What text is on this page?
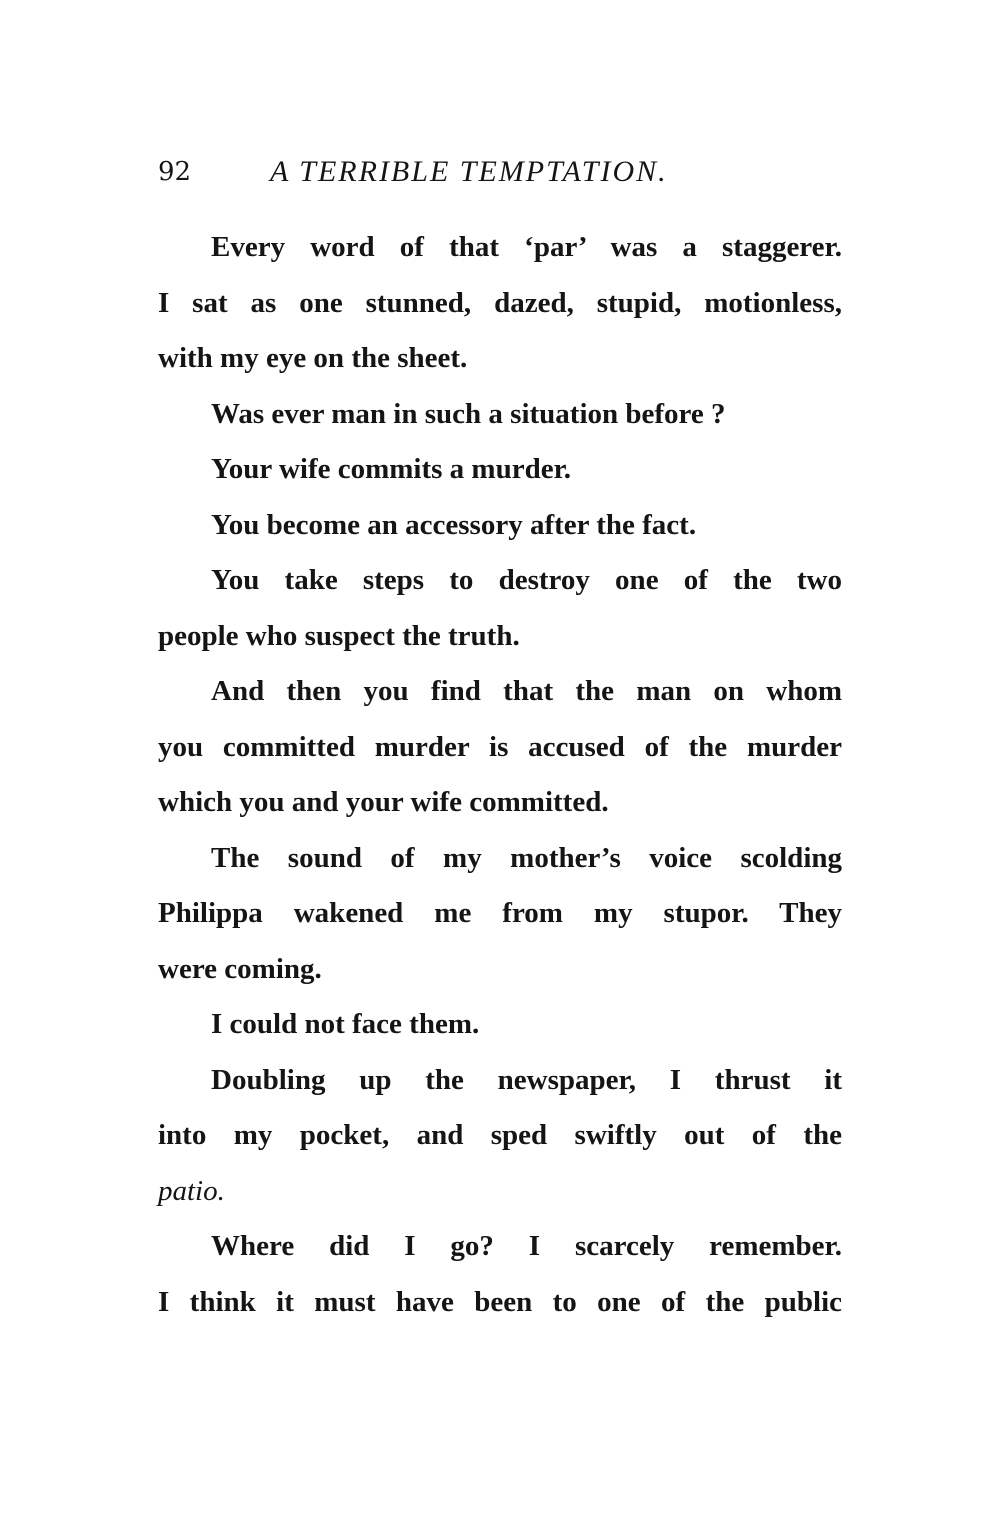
92	A TERRIBLE TEMPTATION.
Every word of that ‘par’ was a staggerer.
I sat as one stunned, dazed, stupid, motionless,
with my eye on the sheet.
Was ever man in such a situation before ?
Your wife commits a murder.
You become an accessory after the fact.
You take steps to destroy one of the two
people who suspect the truth.
And then you find that the man on whom
you committed murder is accused of the murder
which you and your wife committed.
The sound of my mother’s voice scolding
Philippa wakened me from my stupor. They
were coming.
I could not face them.
Doubling up the newspaper, I thrust it
into my pocket, and sped swiftly out of the
patio.
Where did I go? I scarcely remember.
I think it must have been to one of the public
